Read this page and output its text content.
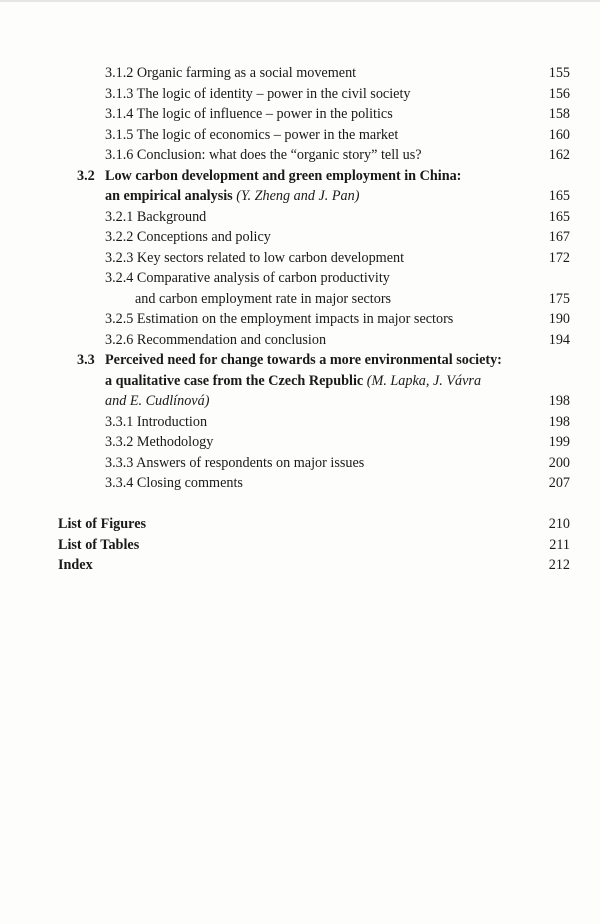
3.1.2 Organic farming as a social movement	155
3.1.3 The logic of identity – power in the civil society	156
3.1.4 The logic of influence – power in the politics	158
3.1.5 The logic of economics – power in the market	160
3.1.6 Conclusion: what does the “organic story” tell us?	162
3.2 Low carbon development and green employment in China:
an empirical analysis (Y. Zheng and J. Pan)	165
3.2.1 Background	165
3.2.2 Conceptions and policy	167
3.2.3 Key sectors related to low carbon development	172
3.2.4 Comparative analysis of carbon productivity
and carbon employment rate in major sectors	175
3.2.5 Estimation on the employment impacts in major sectors	190
3.2.6 Recommendation and conclusion	194
3.3 Perceived need for change towards a more environmental society:
a qualitative case from the Czech Republic (M. Lapka, J. Vávra
and E. Cudlínová)	198
3.3.1 Introduction	198
3.3.2 Methodology	199
3.3.3 Answers of respondents on major issues	200
3.3.4 Closing comments	207
List of Figures	210
List of Tables	211
Index	212
